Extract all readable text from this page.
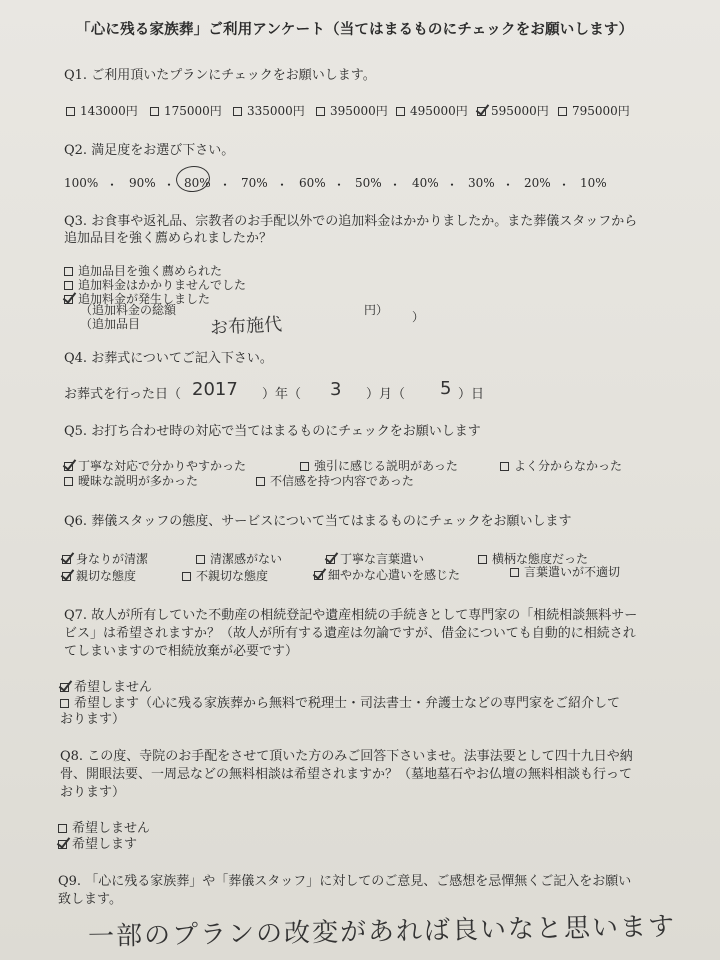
「心に残る家族葬」ご利用アンケート（当てはまるものにチェックをお願いします）
Q1. ご利用頂いたプランにチェックをお願いします。
143000円	175000円	335000円	395000円	495000円	595000円	795000円
Q2. 満足度をお選び下さい。
100% ・ 90% ・ 80% ・ 70% ・ 60% ・ 50% ・ 40% ・ 30% ・ 20% ・ 10%
Q3. お食事や返礼品、宗教者のお手配以外での追加料金はかかりましたか。また葬儀スタッフから
追加品目を強く薦められましたか？
追加品目を強く薦められた
追加料金はかかりませんでした
追加料金が発生しました
（追加料金の総額	円）
（追加品目	）
お布施代
Q4. お葬式についてご記入下さい。
お葬式を行った日（ 2017 ）年（ 3 ）月（ 5 ）日
Q5. お打ち合わせ時の対応で当てはまるものにチェックをお願いします
丁寧な対応で分かりやすかった	強引に感じる説明があった	よく分からなかった
曖昧な説明が多かった	不信感を持つ内容であった
Q6. 葬儀スタッフの態度、サービスについて当てはまるものにチェックをお願いします
身なりが清潔	清潔感がない	丁寧な言葉遣い	横柄な態度だった
親切な態度	不親切な態度	細やかな心遣いを感じた	言葉遣いが不適切
Q7. 故人が所有していた不動産の相続登記や遺産相続の手続きとして専門家の「相続相談無料サー
ビス」は希望されますか？（故人が所有する遺産は勿論ですが、借金についても自動的に相続され
てしまいますので相続放棄が必要です）
希望しません
希望します（心に残る家族葬から無料で税理士・司法書士・弁護士などの専門家をご紹介して
おります）
Q8. この度、寺院のお手配をさせて頂いた方のみご回答下さいませ。法事法要として四十九日や納
骨、開眼法要、一周忌などの無料相談は希望されますか？（墓地墓石やお仏壇の無料相談も行って
おります）
希望しません
希望します
Q9. 「心に残る家族葬」や「葬儀スタッフ」に対してのご意見、ご感想を忌憚無くご記入をお願い
致します。
一部のプランの改変があれば良いなと思います
